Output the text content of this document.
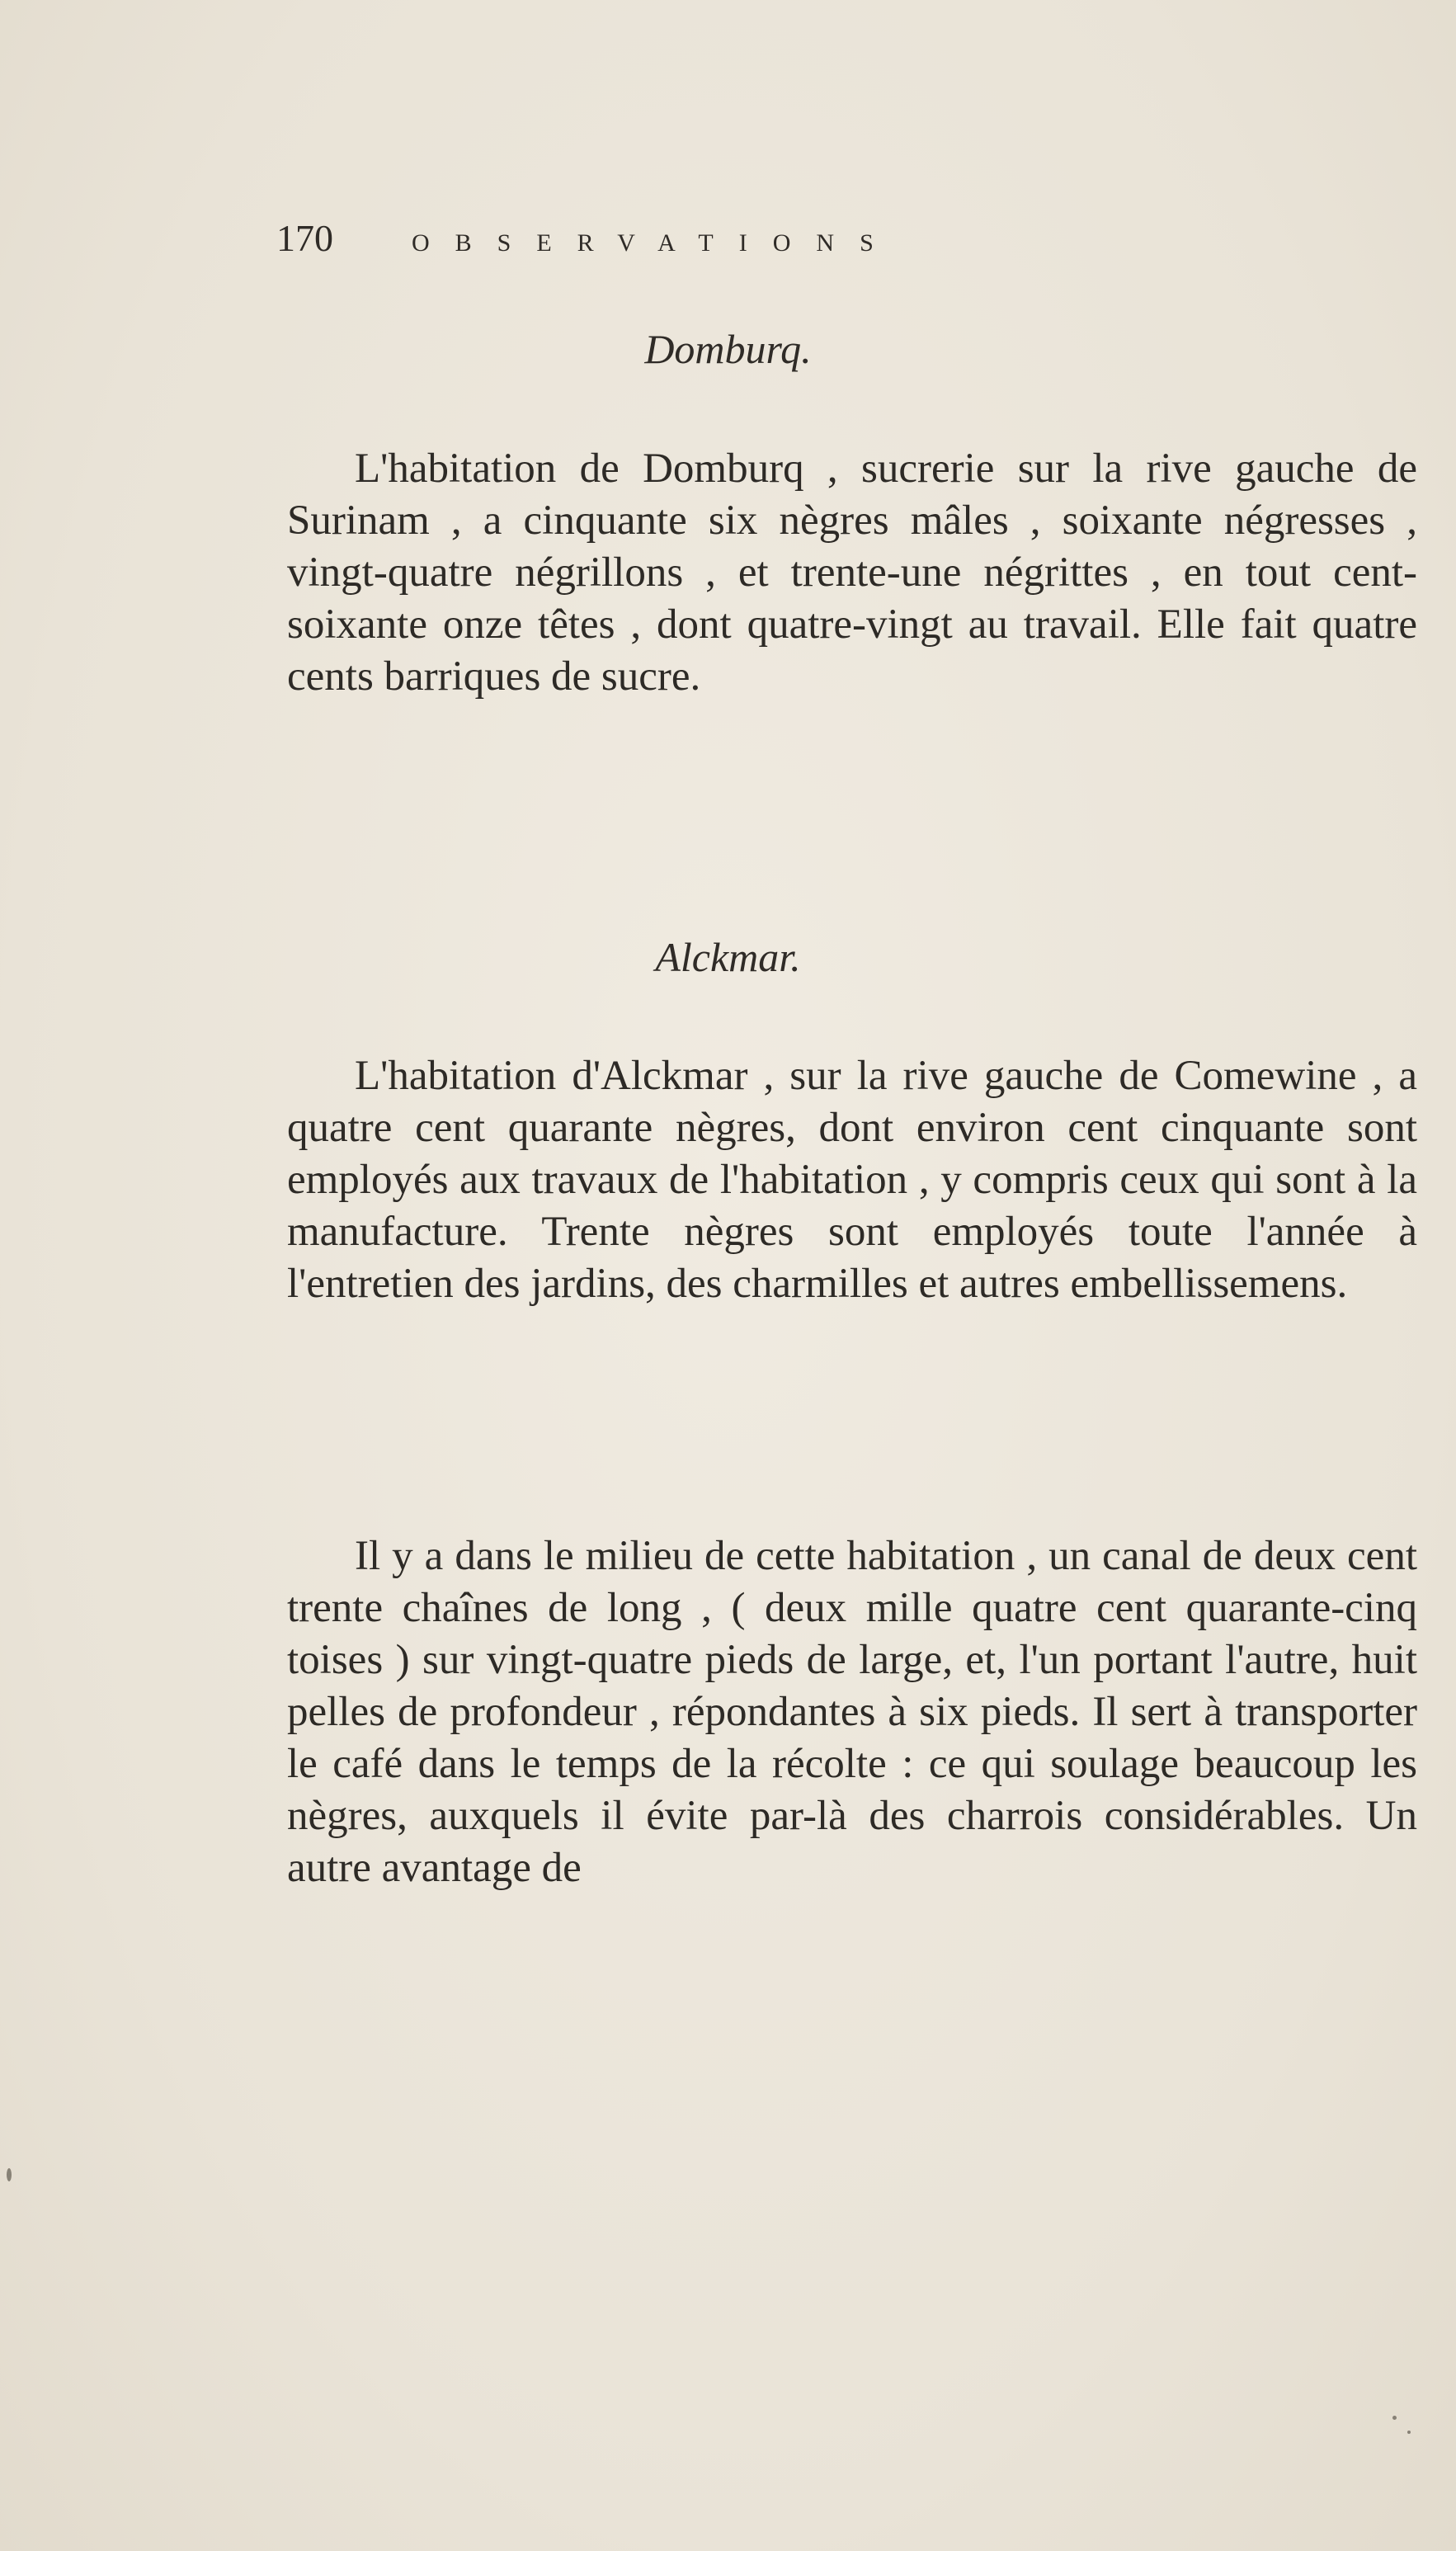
170	OBSERVATIONS
Domburq.

L'habitation de Domburq , sucrerie sur la rive gauche de Surinam , a cinquante six nègres mâles , soixante négresses , vingt-quatre négrillons , et trente-une négrittes , en tout cent-soixante onze têtes , dont quatre-vingt au travail. Elle fait quatre cents barriques de sucre.

Alckmar.

L'habitation d'Alckmar , sur la rive gauche de Comewine , a quatre cent quarante nègres, dont environ cent cinquante sont employés aux travaux de l'habitation , y compris ceux qui sont à la manufacture. Trente nègres sont employés toute l'année à l'entretien des jardins, des charmilles et autres embellissemens.

Il y a dans le milieu de cette habitation , un canal de deux cent trente chaînes de long , ( deux mille quatre cent quarante-cinq toises ) sur vingt-quatre pieds de large, et, l'un portant l'autre, huit pelles de profondeur , répondantes à six pieds. Il sert à transporter le café dans le temps de la récolte : ce qui soulage beaucoup les nègres, auxquels il évite par-là des charrois considérables. Un autre avantage de
